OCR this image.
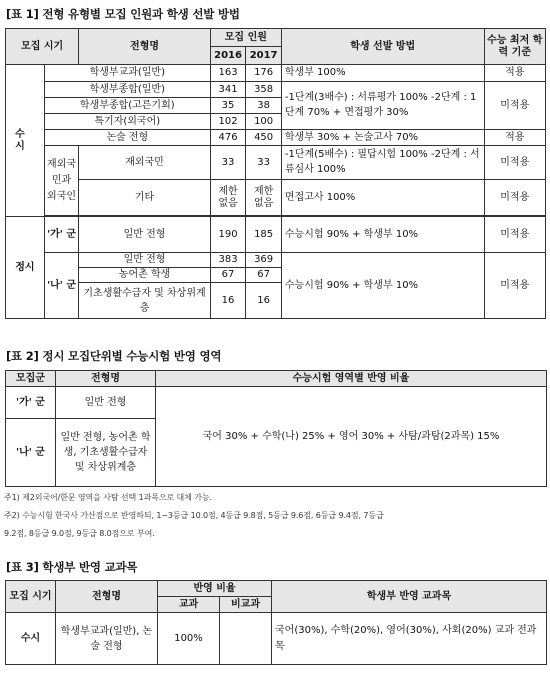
[표 1] 전형 유형별 모집 인원과 학생 선발 방법
모집 시기		전형명	모집 인원		학생 선발 방법	수능 최저 학력 기준
			2016	2017		
수 시	학생부교과(일반)		163	176	학생부 100%	적용
	학생부종합(일반)		341	358	-1단계(3배수) : 서류평가 100% -2단계 : 1단계 70% + 면접평가 30%	미적용
	학생부종합(고른기회)		35	38		
	특기자(외국어)		102	100		
	논술 전형		476	450	학생부 30% + 논술고사 70%	적용
	재외국민과 외국인	재외국민	33	33	-1단계(5배수) : 필답시험 100% -2단계 : 서류심사 100%	미적용
		기타	제한 없음	제한 없음	면접고사 100%	미적용

정시	'가' 군	일반 전형	190	185	수능시험 90% + 학생부 10%	미적용
	'나' 군	일반 전형	383	369	수능시험 90% + 학생부 10%	미적용
		농어촌 학생	67	67		
		기초생활수급자 및 차상위계층	16	16		
[표 2] 정시 모집단위별 수능시험 반영 영역
모집군	전형명	수능시험 영역별 반영 비율
'가' 군	일반 전형	국어 30% + 수학(나) 25% + 영어 30% + 사탐/과탐(2과목) 15%
'나' 군	일반 전형, 농어촌 학생, 기초생활수급자 및 차상위계층	
주1) 제2외국어/한문 영역을 사탐 선택 1과목으로 대체 가능.
주2) 수능시험 한국사 가산점으로 반영하되, 1~3등급 10.0점, 4등급 9.8점, 5등급 9.6점, 6등급 9.4점, 7등급
9.2점, 8등급 9.0점, 9등급 8.0점으로 부여.
[표 3] 학생부 반영 교과목
모집 시기	전형명	반영 비율		학생부 반영 교과목
		교과	비교과	
수시	학생부교과(일반), 논술 전형	100%		국어(30%), 수학(20%), 영어(30%), 사회(20%) 교과 전과목
